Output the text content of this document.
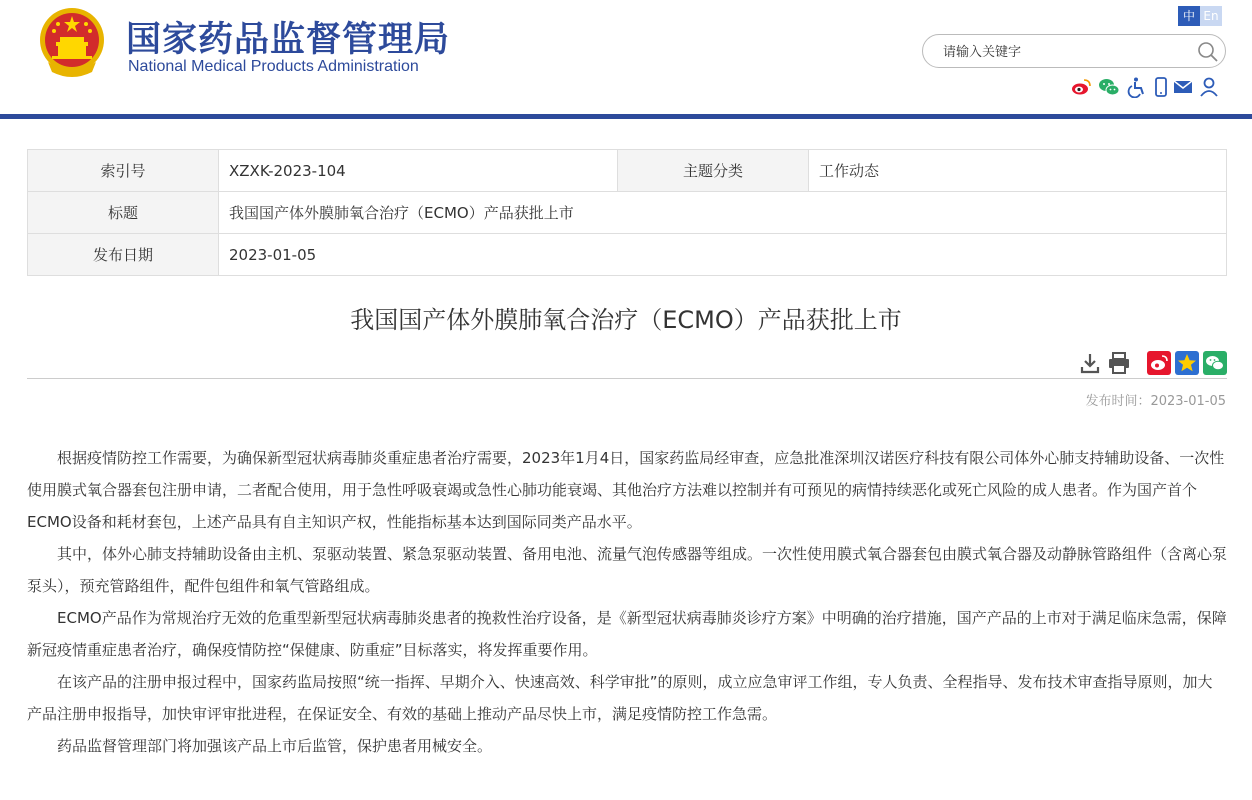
国家药品监督管理局
National Medical Products Administration
中 En
请输入关键字
索引号	XZXK-2023-104	主题分类	工作动态
标题	我国国产体外膜肺氧合治疗（ECMO）产品获批上市		
发布日期	2023-01-05		
我国国产体外膜肺氧合治疗（ECMO）产品获批上市
发布时间：2023-01-05

根据疫情防控工作需要，为确保新型冠状病毒肺炎重症患者治疗需要，2023年1月4日，国家药监局经审查，应急批准深圳汉诺医疗科技有限公司体外心肺支持辅助设备、一次性使用膜式氧合器套包注册申请，二者配合使用，用于急性呼吸衰竭或急性心肺功能衰竭、其他治疗方法难以控制并有可预见的病情持续恶化或死亡风险的成人患者。作为国产首个ECMO设备和耗材套包，上述产品具有自主知识产权，性能指标基本达到国际同类产品水平。

其中，体外心肺支持辅助设备由主机、泵驱动装置、紧急泵驱动装置、备用电池、流量气泡传感器等组成。一次性使用膜式氧合器套包由膜式氧合器及动静脉管路组件（含离心泵泵头），预充管路组件，配件包组件和氧气管路组成。

ECMO产品作为常规治疗无效的危重型新型冠状病毒肺炎患者的挽救性治疗设备，是《新型冠状病毒肺炎诊疗方案》中明确的治疗措施，国产产品的上市对于满足临床急需，保障新冠疫情重症患者治疗，确保疫情防控“保健康、防重症”目标落实，将发挥重要作用。

在该产品的注册申报过程中，国家药监局按照“统一指挥、早期介入、快速高效、科学审批”的原则，成立应急审评工作组，专人负责、全程指导、发布技术审查指导原则，加大产品注册申报指导，加快审评审批进程，在保证安全、有效的基础上推动产品尽快上市，满足疫情防控工作急需。

药品监督管理部门将加强该产品上市后监管，保护患者用械安全。
